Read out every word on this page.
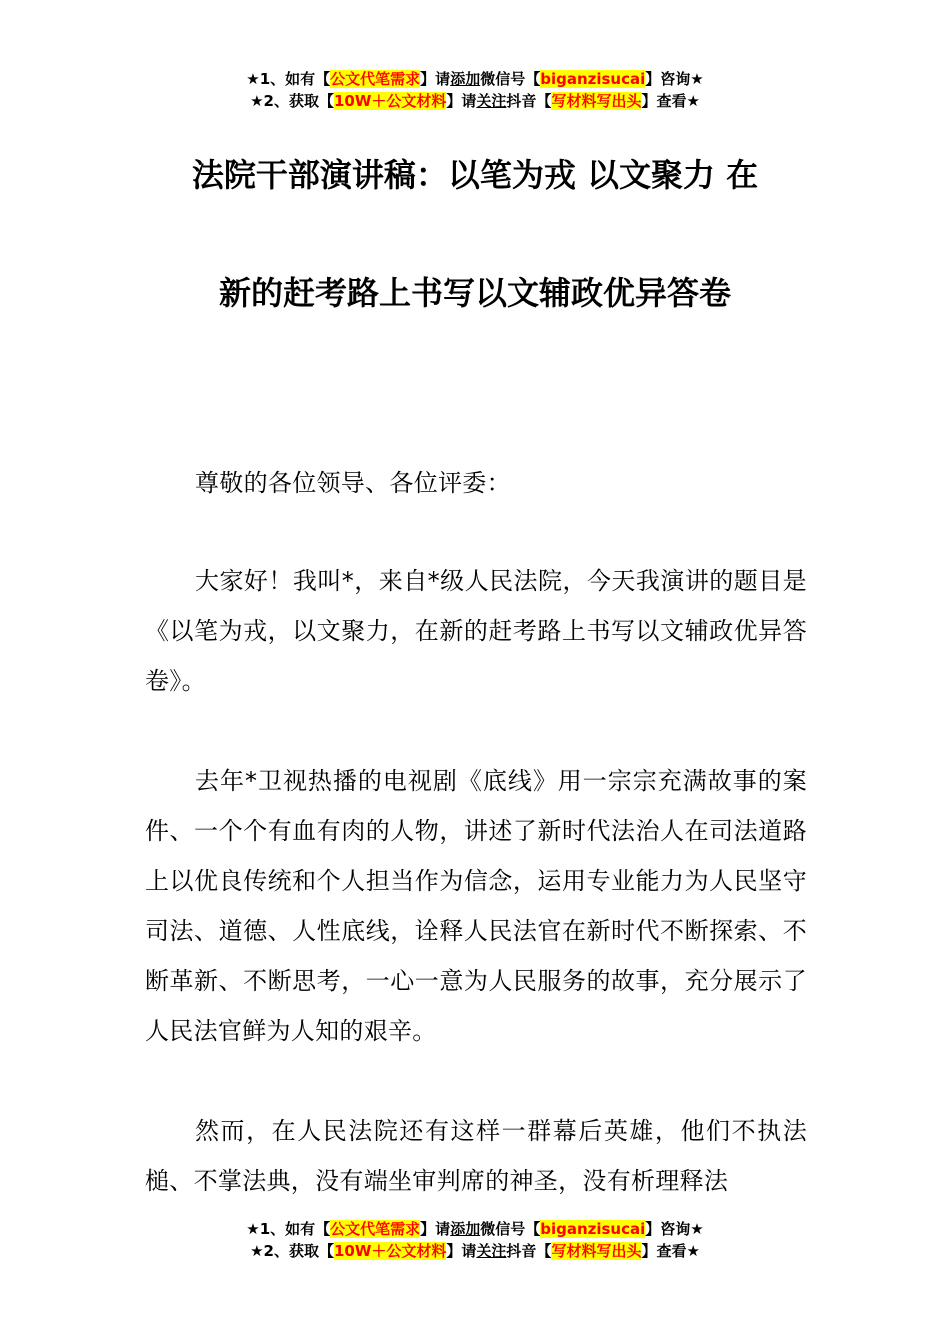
★1、如有【公文代笔需求】请添加微信号【biganzisucai】咨询★
★2、获取【10W＋公文材料】请关注抖音【写材料写出头】查看★
法院干部演讲稿：以笔为戎 以文聚力 在
新的赶考路上书写以文辅政优异答卷

尊敬的各位领导、各位评委：

大家好！我叫*，来自*级人民法院，今天我演讲的题目是《以笔为戎，以文聚力，在新的赶考路上书写以文辅政优异答卷》。

去年*卫视热播的电视剧《底线》用一宗宗充满故事的案件、一个个有血有肉的人物，讲述了新时代法治人在司法道路上以优良传统和个人担当作为信念，运用专业能力为人民坚守司法、道德、人性底线，诠释人民法官在新时代不断探索、不断革新、不断思考，一心一意为人民服务的故事，充分展示了人民法官鲜为人知的艰辛。

然而，在人民法院还有这样一群幕后英雄，他们不执法槌、不掌法典，没有端坐审判席的神圣，没有析理释法

★1、如有【公文代笔需求】请添加微信号【biganzisucai】咨询★
★2、获取【10W＋公文材料】请关注抖音【写材料写出头】查看★
